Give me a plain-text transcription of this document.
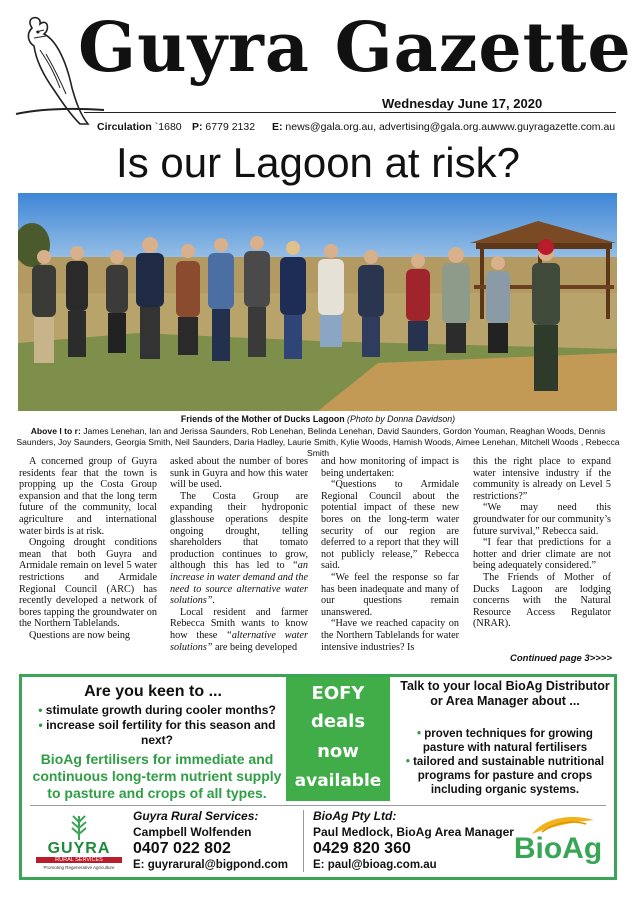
Guyra Gazette
Wednesday June 17, 2020
Circulation `1680 P: 6779 2132 E: news@gala.org.au, advertising@gala.org.au www.guyragazette.com.au
Is our Lagoon at risk?
Friends of the Mother of Ducks Lagoon (Photo by Donna Davidson)
Above l to r: James Lenehan, Ian and Jerissa Saunders, Rob Lenehan, Belinda Lenehan, David Saunders, Gordon Youman, Reaghan Woods, Dennis Saunders, Joy Saunders, Georgia Smith, Neil Saunders, Daria Hadley, Laurie Smith, Kylie Woods, Hamish Woods, Aimee Lenehan, Mitchell Woods , Rebecca Smith

A concerned group of Guyra residents fear that the town is propping up the Costa Group expansion and that the long term future of the community, local agriculture and international water birds is at risk.

Ongoing drought conditions mean that both Guyra and Armidale remain on level 5 water restrictions and Armidale Regional Council (ARC) has recently developed a network of bores tapping the groundwater on the Northern Tablelands.

Questions are now being

asked about the number of bores sunk in Guyra and how this water will be used.

The Costa Group are expanding their hydroponic glasshouse operations despite ongoing drought, telling shareholders that tomato production continues to grow, although this has led to “an increase in water demand and the need to source alternative water solutions”.

Local resident and farmer Rebecca Smith wants to know how these “alternative water solutions” are being developed

and how monitoring of impact is being undertaken:

“Questions to Armidale Regional Council about the potential impact of these new bores on the long-term water security of our region are deferred to a report that they will not publicly release,” Rebecca said.

“We feel the response so far has been inadequate and many of our questions remain unanswered.

“Have we reached capacity on the Northern Tablelands for water intensive industries? Is

this the right place to expand water intensive industry if the community is already on Level 5 restrictions?”

“We may need this groundwater for our community’s future survival,” Rebecca said.

“I fear that predictions for a hotter and drier climate are not being adequately considered.”

The Friends of Mother of Ducks Lagoon are lodging concerns with the Natural Resource Access Regulator (NRAR).

Continued page 3>>>>
Are you keen to ...
• stimulate growth during cooler months?
• increase soil fertility for this season and next?
BioAg fertilisers for immediate and continuous long-term nutrient supply to pasture and crops of all types.
EOFY
deals
now
available
Talk to your local BioAg Distributor or Area Manager about ...
• proven techniques for growing pasture with natural fertilisers
• tailored and sustainable nutritional programs for pasture and crops including organic systems.
GUYRA
RURAL SERVICES
Promoting Regenerative Agriculture
Guyra Rural Services:
Campbell Wolfenden
0407 022 802
E: guyrarural@bigpond.com
BioAg Pty Ltd:
Paul Medlock, BioAg Area Manager
0429 820 360
E: paul@bioag.com.au	BioAg
